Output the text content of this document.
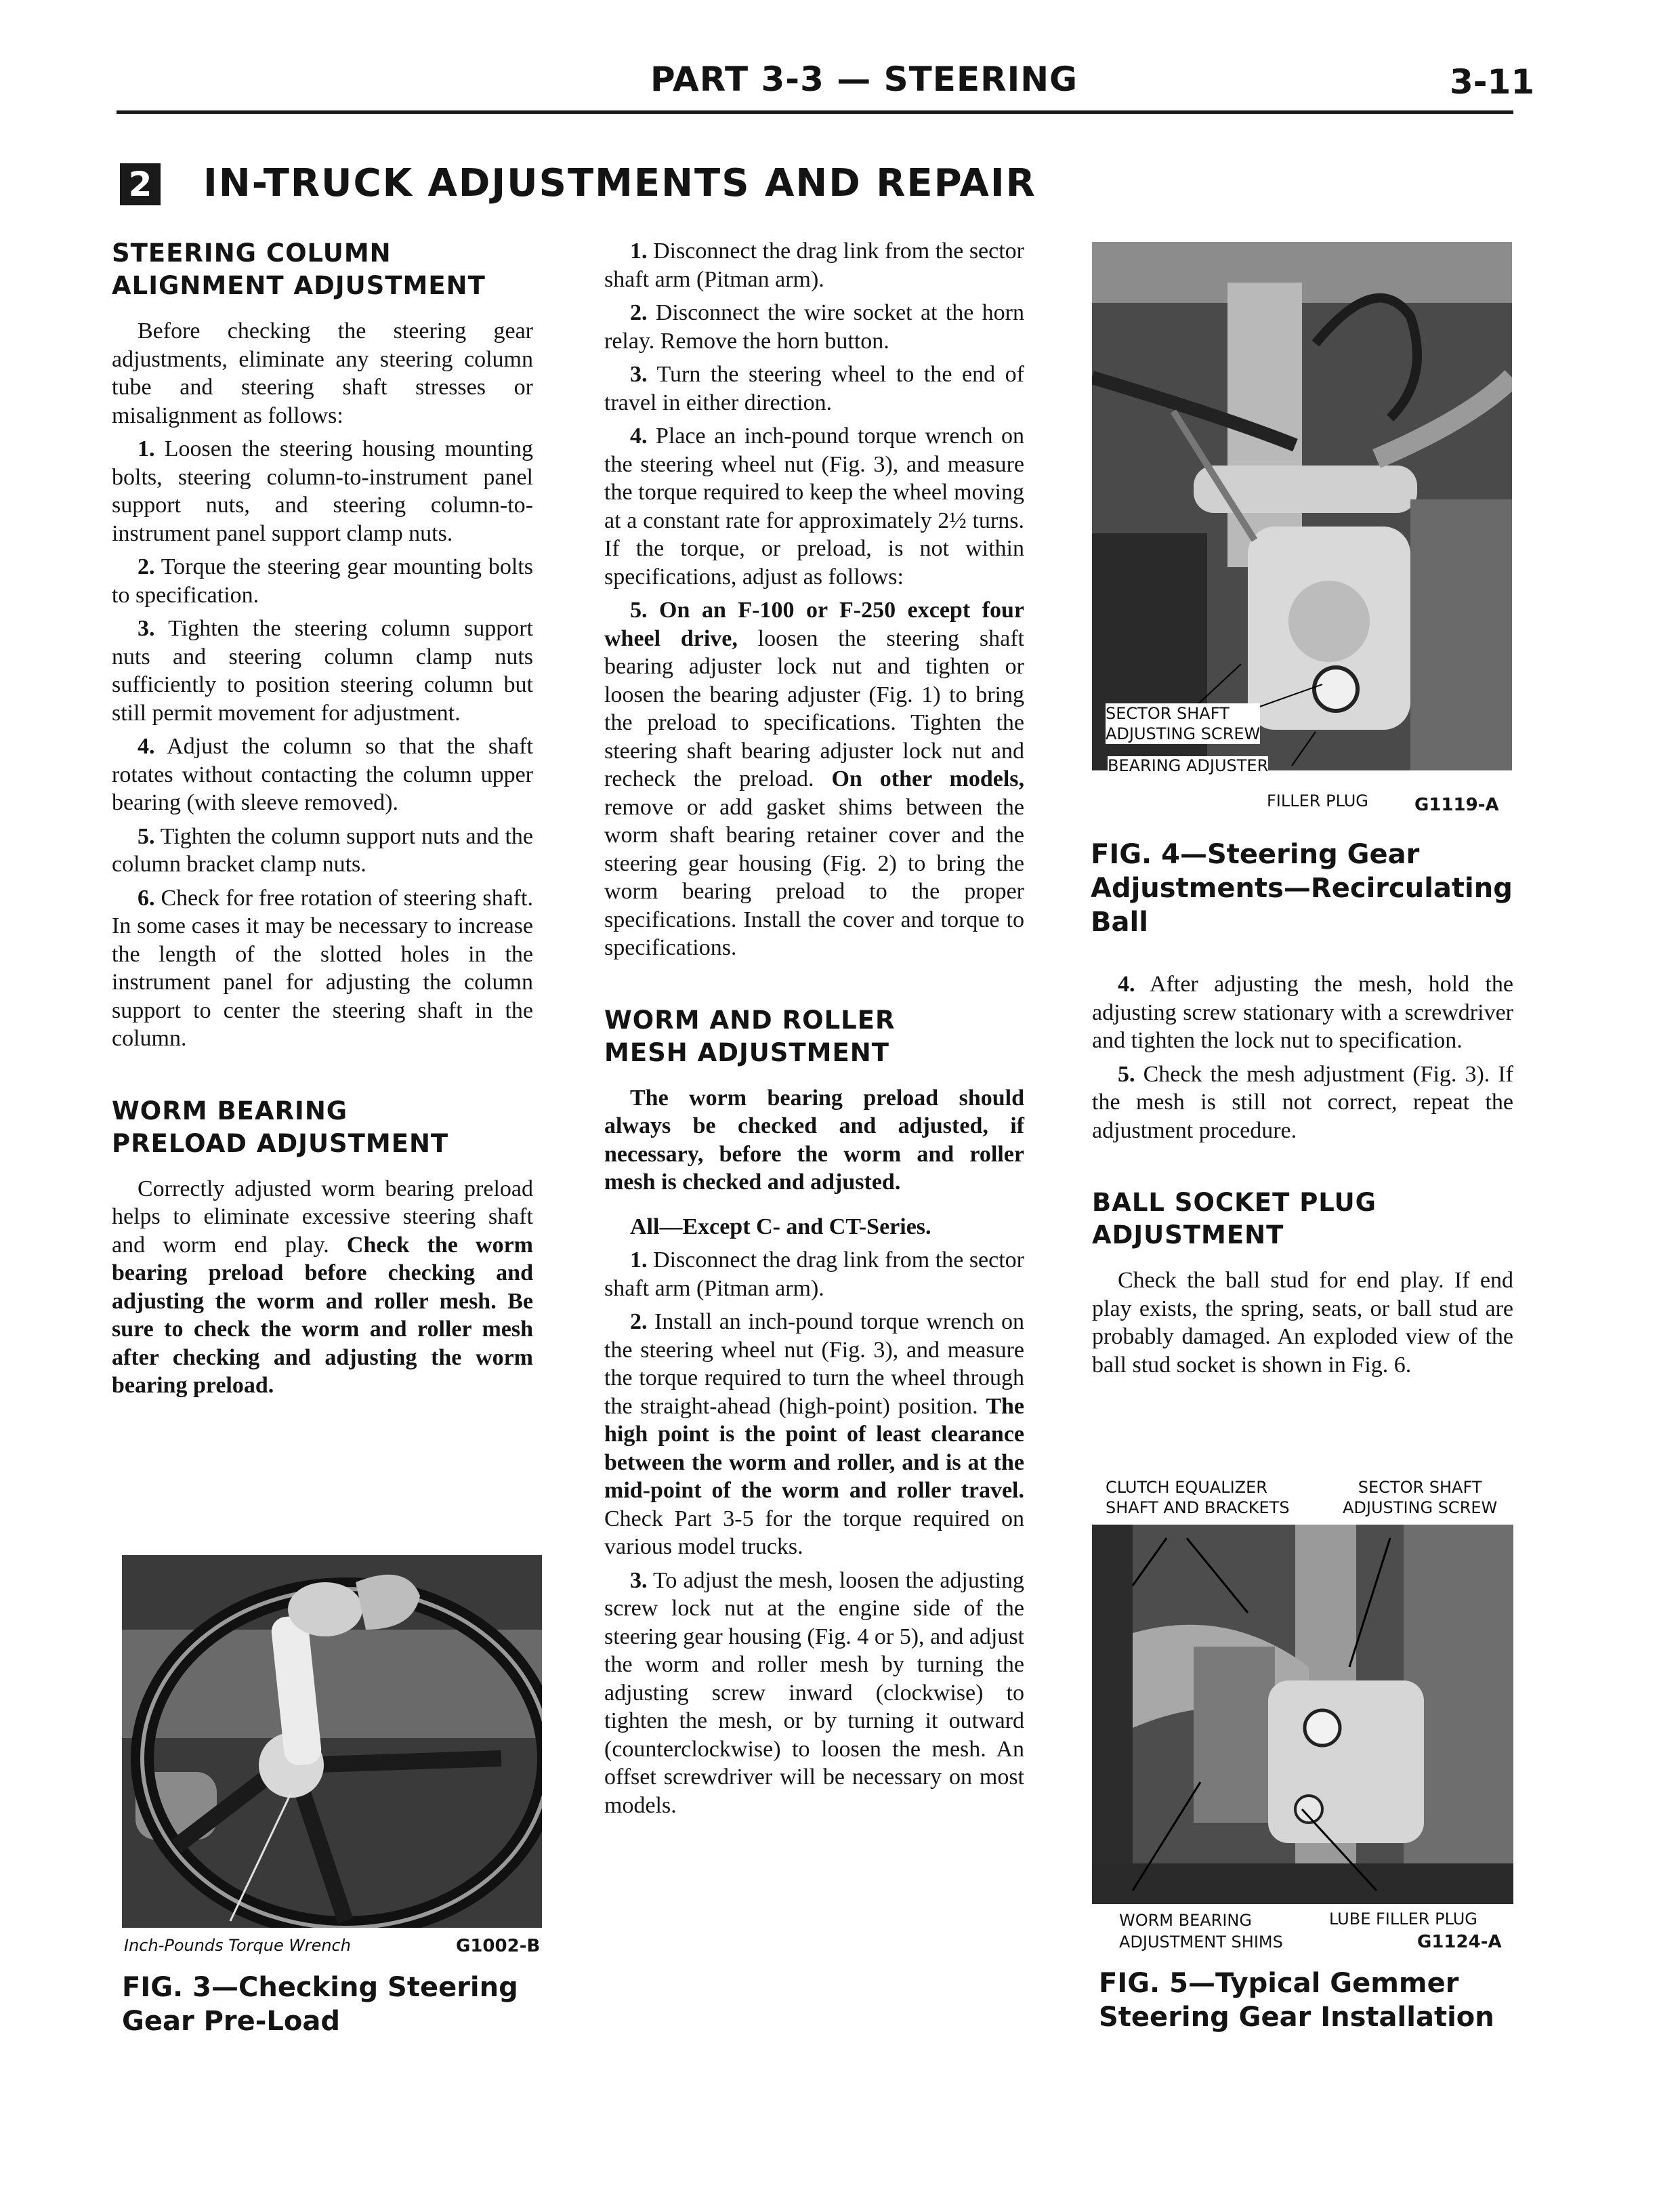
PART 3-3 — STEERING	3-11
2 IN-TRUCK ADJUSTMENTS AND REPAIR
STEERING COLUMN
ALIGNMENT ADJUSTMENT

Before checking the steering gear adjustments, eliminate any steering column tube and steering shaft stresses or misalignment as follows:

1. Loosen the steering housing mounting bolts, steering column-to-instrument panel support nuts, and steering column-to-instrument panel support clamp nuts.

2. Torque the steering gear mounting bolts to specification.

3. Tighten the steering column support nuts and steering column clamp nuts sufficiently to position steering column but still permit movement for adjustment.

4. Adjust the column so that the shaft rotates without contacting the column upper bearing (with sleeve removed).

5. Tighten the column support nuts and the column bracket clamp nuts.

6. Check for free rotation of steering shaft. In some cases it may be necessary to increase the length of the slotted holes in the instrument panel for adjusting the column support to center the steering shaft in the column.

WORM BEARING
PRELOAD ADJUSTMENT

Correctly adjusted worm bearing preload helps to eliminate excessive steering shaft and worm end play. Check the worm bearing preload before checking and adjusting the worm and roller mesh. Be sure to check the worm and roller mesh after checking and adjusting the worm bearing preload.

Inch-Pounds Torque Wrench	G1002-B
FIG. 3—Checking Steering
Gear Pre-Load

1. Disconnect the drag link from the sector shaft arm (Pitman arm).

2. Disconnect the wire socket at the horn relay. Remove the horn button.

3. Turn the steering wheel to the end of travel in either direction.

4. Place an inch-pound torque wrench on the steering wheel nut (Fig. 3), and measure the torque required to keep the wheel moving at a constant rate for approximately 2½ turns. If the torque, or preload, is not within specifications, adjust as follows:

5. On an F-100 or F-250 except four wheel drive, loosen the steering shaft bearing adjuster lock nut and tighten or loosen the bearing adjuster (Fig. 1) to bring the preload to specifications. Tighten the steering shaft bearing adjuster lock nut and recheck the preload. On other models, remove or add gasket shims between the worm shaft bearing retainer cover and the steering gear housing (Fig. 2) to bring the worm bearing preload to the proper specifications. Install the cover and torque to specifications.

WORM AND ROLLER
MESH ADJUSTMENT

The worm bearing preload should always be checked and adjusted, if necessary, before the worm and roller mesh is checked and adjusted.

All—Except C- and CT-Series.

1. Disconnect the drag link from the sector shaft arm (Pitman arm).

2. Install an inch-pound torque wrench on the steering wheel nut (Fig. 3), and measure the torque required to turn the wheel through the straight-ahead (high-point) position. The high point is the point of least clearance between the worm and roller, and is at the mid-point of the worm and roller travel. Check Part 3-5 for the torque required on various model trucks.

3. To adjust the mesh, loosen the adjusting screw lock nut at the engine side of the steering gear housing (Fig. 4 or 5), and adjust the worm and roller mesh by turning the adjusting screw inward (clockwise) to tighten the mesh, or by turning it outward (counterclockwise) to loosen the mesh. An offset screwdriver will be necessary on most models.

SECTOR SHAFT
ADJUSTING SCREW
BEARING ADJUSTER
FILLER PLUG	G1119-A
FIG. 4—Steering Gear
Adjustments—Recirculating
Ball

4. After adjusting the mesh, hold the adjusting screw stationary with a screwdriver and tighten the lock nut to specification.

5. Check the mesh adjustment (Fig. 3). If the mesh is still not correct, repeat the adjustment procedure.

BALL SOCKET PLUG
ADJUSTMENT

Check the ball stud for end play. If end play exists, the spring, seats, or ball stud are probably damaged. An exploded view of the ball stud socket is shown in Fig. 6.

CLUTCH EQUALIZER
SHAFT AND BRACKETS
SECTOR SHAFT
ADJUSTING SCREW
WORM BEARING
ADJUSTMENT SHIMS
LUBE FILLER PLUG
G1124-A
FIG. 5—Typical Gemmer
Steering Gear Installation
